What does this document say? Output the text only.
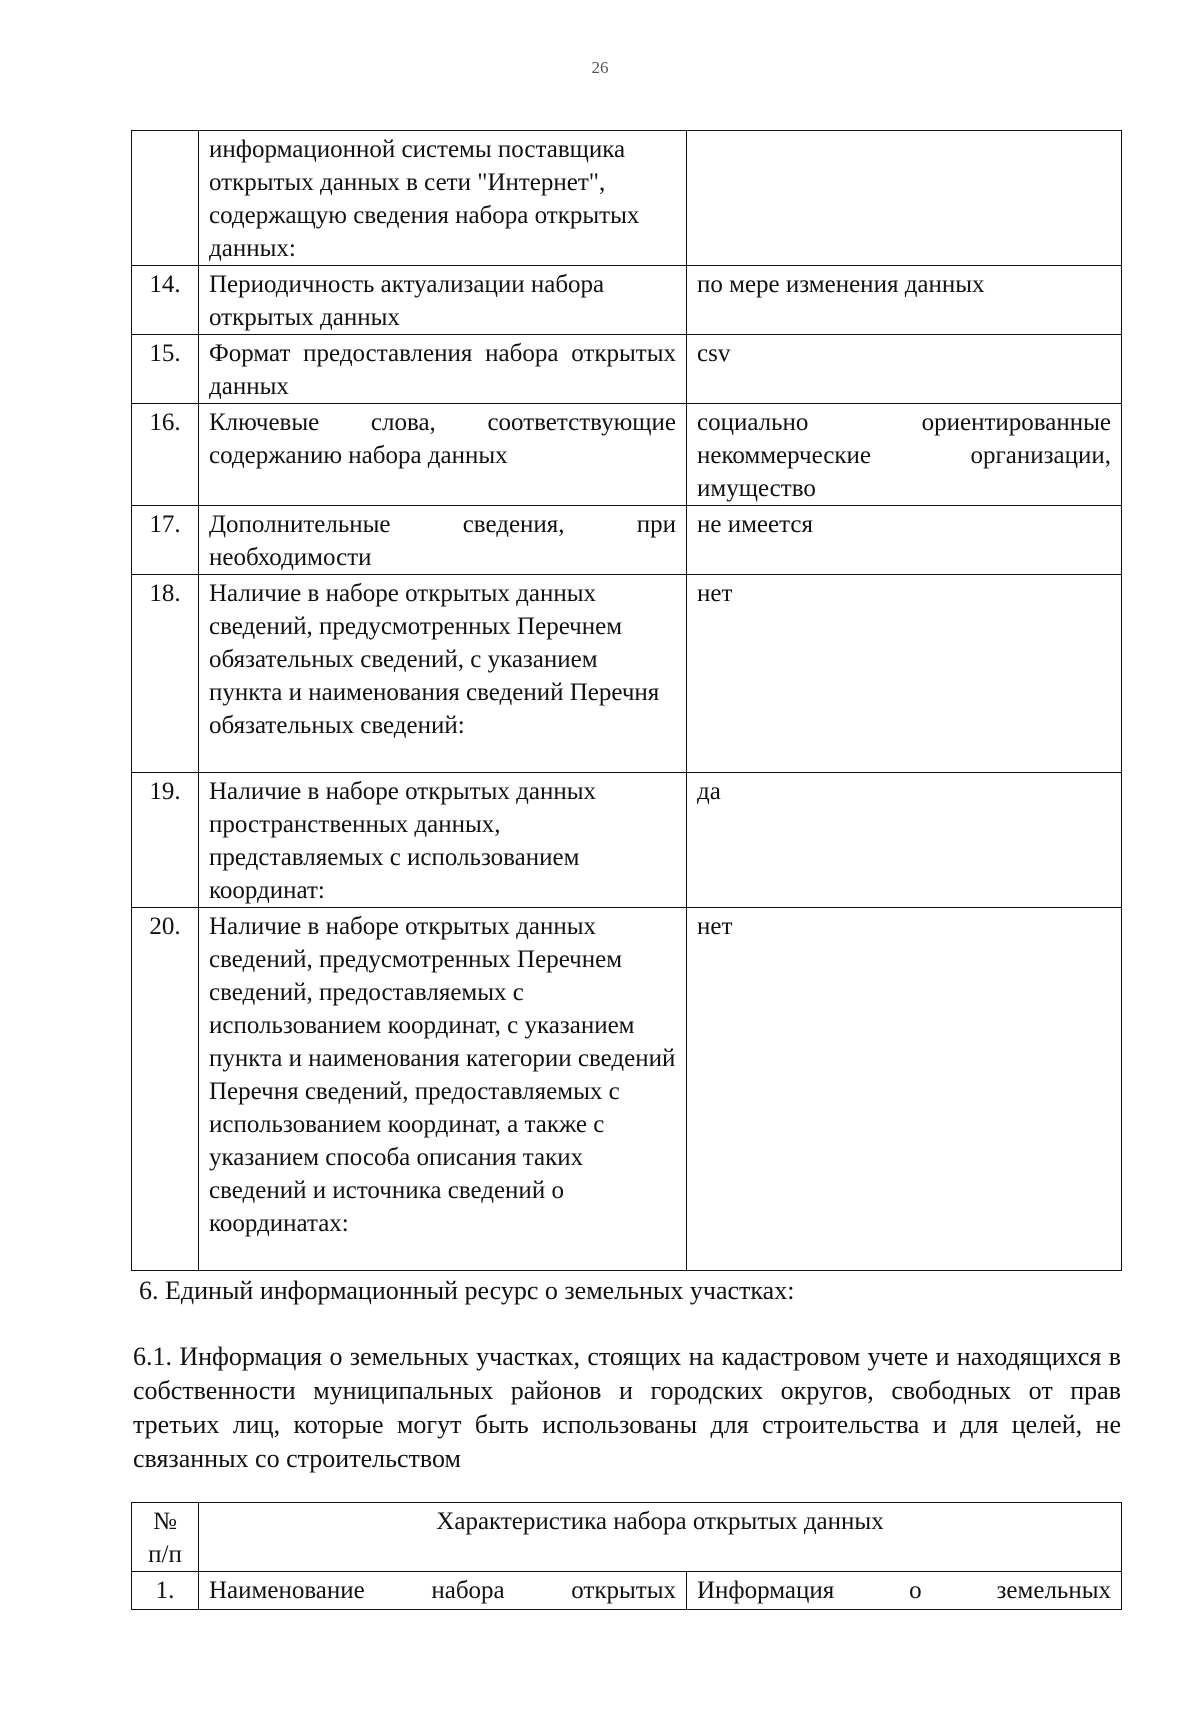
26
	информационной системы поставщика открытых данных в сети "Интернет", содержащую сведения набора открытых данных:	
14.	Периодичность актуализации набора открытых данных	по мере изменения данных
15.	Формат предоставления набора открытых данных	csv
16.	Ключевые слова, соответствующие содержанию набора данных	социально ориентированные некоммерческие организации, имущество
17.	Дополнительные сведения, при необходимости	не имеется
18.	Наличие в наборе открытых данных сведений, предусмотренных Перечнем обязательных сведений, с указанием пункта и наименования сведений Перечня обязательных сведений:	нет
19.	Наличие в наборе открытых данных пространственных данных, представляемых с использованием координат:	да
20.	Наличие в наборе открытых данных сведений, предусмотренных Перечнем сведений, предоставляемых с использованием координат, с указанием пункта и наименования категории сведений Перечня сведений, предоставляемых с использованием координат, а также с указанием способа описания таких сведений и источника сведений о координатах:	нет
6. Единый информационный ресурс о земельных участках:
6.1. Информация о земельных участках, стоящих на кадастровом учете и находящихся в собственности муниципальных районов и городских округов, свободных от прав третьих лиц, которые могут быть использованы для строительства и для целей, не связанных со строительством
№ п/п	Характеристика набора открытых данных	
1.	Наименование набора открытых	Информация о земельных
